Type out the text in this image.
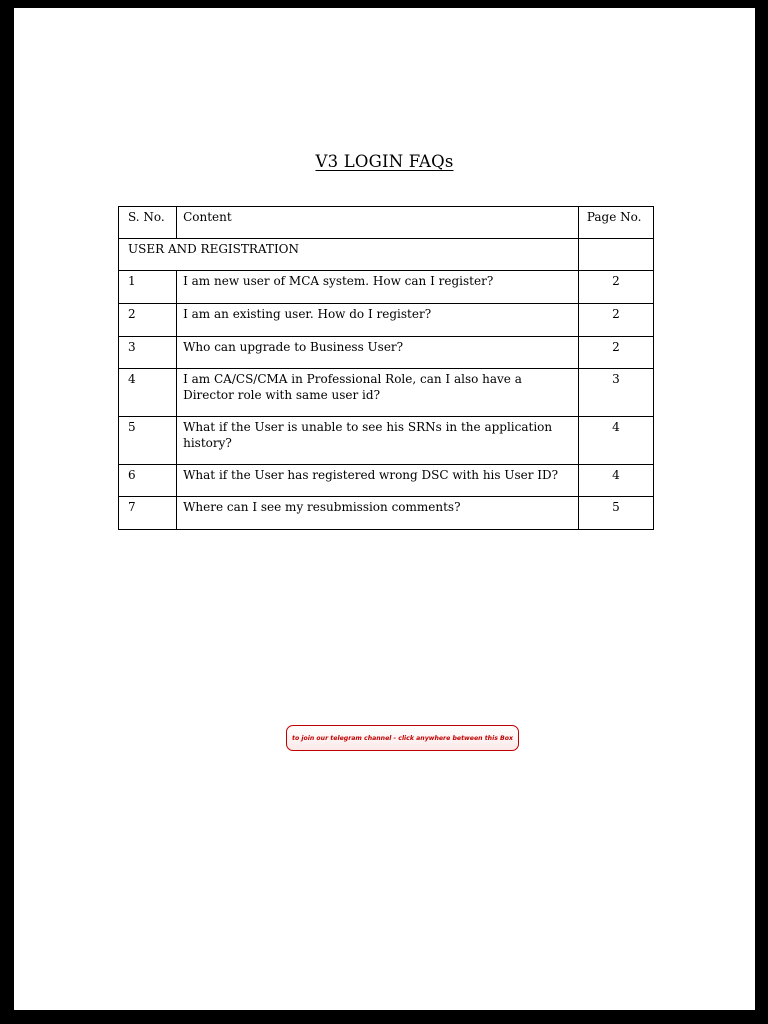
V3 LOGIN FAQs
S. No.	Content	Page No.
USER AND REGISTRATION		
1	I am new user of MCA system. How can I register?	2
2	I am an existing user. How do I register?	2
3	Who can upgrade to Business User?	2
4	I am CA/CS/CMA in Professional Role, can I also have a Director role with same user id?	3
5	What if the User is unable to see his SRNs in the application history?	4
6	What if the User has registered wrong DSC with his User ID?	4
7	Where can I see my resubmission comments?	5
to join our telegram channel - click anywhere between this Box
